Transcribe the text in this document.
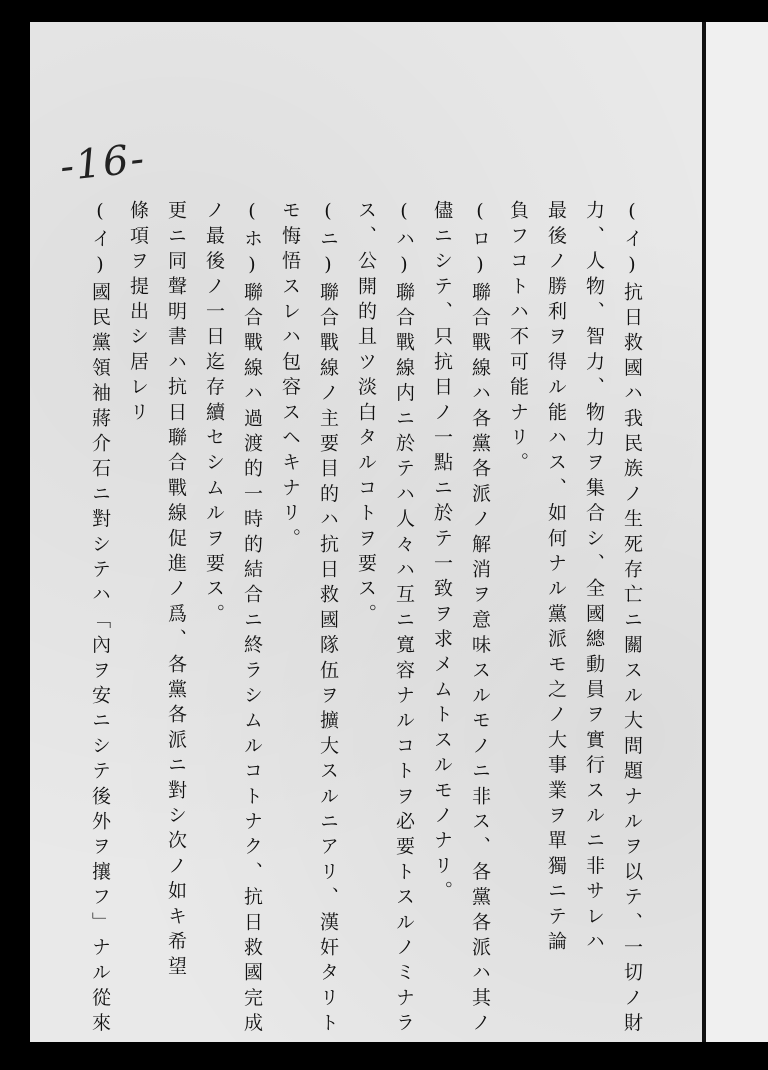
-16-
(イ)抗日救國ハ我民族ノ生死存亡ニ關スル大問題ナルヲ以テ、一切ノ財
力、人物、智力、物力ヲ集合シ、全國總動員ヲ實行スルニ非サレハ
最後ノ勝利ヲ得ル能ハス、如何ナル黨派モ之ノ大事業ヲ單獨ニテ論
負フコトハ不可能ナリ。
(ロ)聯合戰線ハ各黨各派ノ解消ヲ意味スルモノニ非ス、各黨各派ハ其ノ
儘ニシテ、只抗日ノ一點ニ於テ一致ヲ求メムトスルモノナリ。
(ハ)聯合戰線内ニ於テハ人々ハ互ニ寬容ナルコトヲ必要トスルノミナラ
ス、公開的且ツ淡白タルコトヲ要ス。
(ニ)聯合戰線ノ主要目的ハ抗日救國隊伍ヲ擴大スルニアリ、漢奸タリト
モ悔悟スレハ包容スヘキナリ。
(ホ)聯合戰線ハ過渡的一時的結合ニ終ラシムルコトナク、抗日救國完成
ノ最後ノ一日迄存續セシムルヲ要ス。
更ニ同聲明書ハ抗日聯合戰線促進ノ爲、各黨各派ニ對シ次ノ如キ希望
條項ヲ提出シ居レリ
(イ)國民黨領袖蔣介石ニ對シテハ「內ヲ安ニシテ後外ヲ攘フ」ナル從來
